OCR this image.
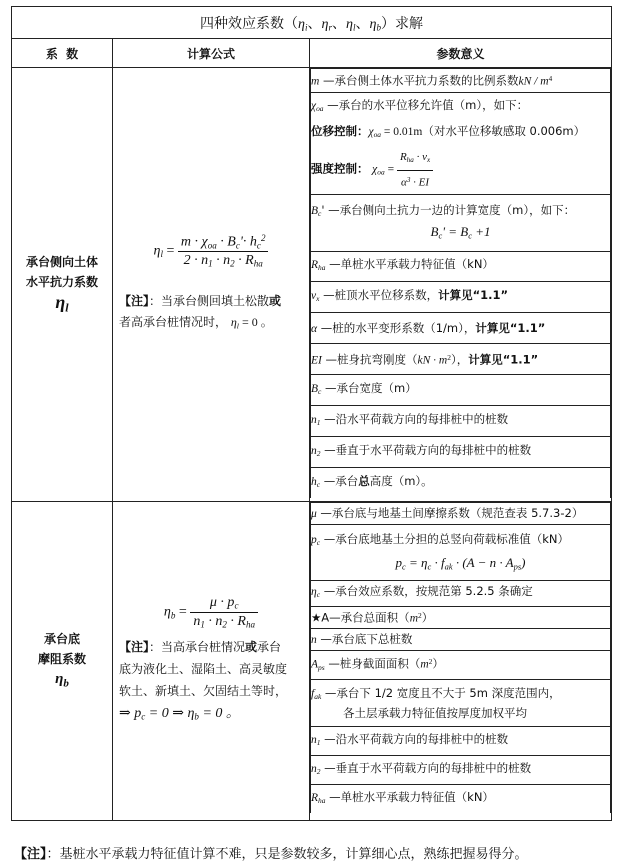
四种效应系数（$\eta_i$、$\eta_r$、$\eta_l$、$\eta_b$）求解
系  数	计算公式	参数意义

承台侧向土体
水平抗力系数
ηl

$\eta_l = \frac{m \cdot \chi_{oa} \cdot B_c'\cdot h_c^2}{2 \cdot n_1 \cdot n_2 \cdot R_{ha}}$
【注】：当承台侧回填土松散或
者高承台桩情况时， $\eta_l = 0$ 。

m —承台侧土体水平抗力系数的比例系数kN / $m^4$

$\chi_{oa}$ —承台的水平位移允许值（m），如下：
位移控制：$\chi_{oa} = 0.01m$（对水平位移敏感取 0.006m）
强度控制： $\chi_{oa} = \frac{R_{ha} \cdot v_x}{\alpha^3 \cdot EI}$

$B_c'$ —承台侧向土抗力一边的计算宽度（m），如下：
$B_c' = B_c +1$

$R_{ha}$ —单桩水平承载力特征值（kN）
$v_x$ —桩顶水平位移系数，计算见“1.1”
α —桩的水平变形系数（1/m），计算见“1.1”
EI —桩身抗弯刚度$(kN \cdot m^2)$，计算见“1.1”
$B_c$ —承台宽度（m）
$n_1$ —沿水平荷载方向的每排桩中的桩数
$n_2$ —垂直于水平荷载方向的每排桩中的桩数
$h_c$ —承台总高度（m）。

承台底
摩阻系数
ηb

$\eta_b = \frac{\mu \cdot p_c}{n_1 \cdot n_2 \cdot R_{ha}}$
【注】：当高承台桩情况或承台
底为液化土、湿陷土、高灵敏度
软土、新填土、欠固结土等时，
⇒ $p_c = 0$ ⇒ $\eta_b = 0$ 。

μ —承台底与地基土间摩擦系数（规范查表 5.7.3-2）

$p_c$ —承台底地基土分担的总竖向荷载标准值（kN）
$p_c = \eta_c \cdot f_{ak} \cdot (A - n \cdot A_{ps})$

$\eta_c$ —承台效应系数，按规范第 5.2.5 条确定
★A—承台总面积$(m^2)$
n —承台底下总桩数
$A_{ps}$ —桩身截面面积$(m^2)$

$f_{ak}$ —承台下 1/2 宽度且不大于 5m 深度范围内，
各土层承载力特征值按厚度加权平均

$n_1$ —沿水平荷载方向的每排桩中的桩数
$n_2$ —垂直于水平荷载方向的每排桩中的桩数
$R_{ha}$ —单桩水平承载力特征值（kN）
【注】：基桩水平承载力特征值计算不难，只是参数较多，计算细心点，熟练把握易得分。
